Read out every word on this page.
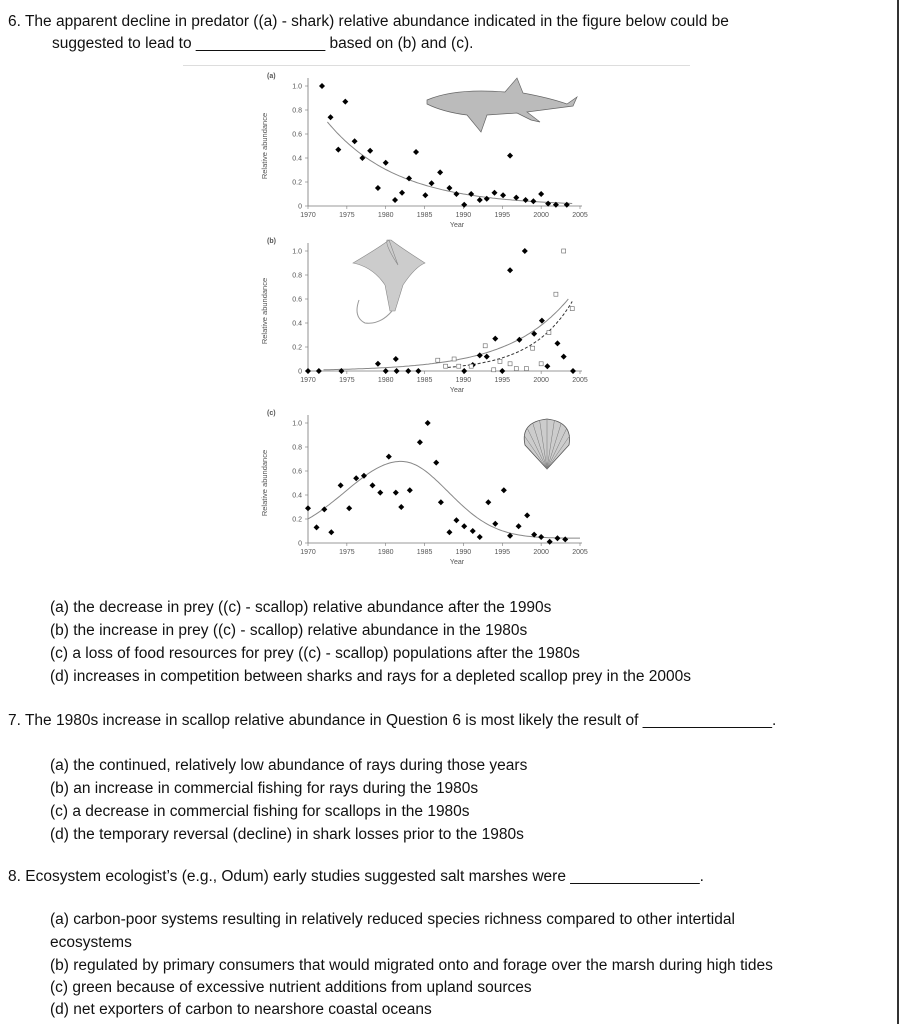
6. The apparent decline in predator ((a) - shark) relative abundance indicated in the figure below could be
suggested to lead to _______________ based on (b) and (c).
(a)
Relative abundance
1970	1975	1980	1985	1990	1995	2000	2005
0
0.2
0.4
0.6
0.8
1.0
Year
(b)
Relative abundance
1970	1975	1980	1985	1990	1995	2000	2005
0
0.2
0.4
0.6
0.8
1.0
Year
(c)
Relative abundance
1970	1975	1980	1985	1990	1995	2000	2005
0
0.2
0.4
0.6
0.8
1.0
Year
(a) the decrease in prey ((c) - scallop) relative abundance after the 1990s
(b) the increase in prey ((c) - scallop) relative abundance in the 1980s
(c) a loss of food resources for prey ((c) - scallop) populations after the 1980s
(d) increases in competition between sharks and rays for a depleted scallop prey in the 2000s
7. The 1980s increase in scallop relative abundance in Question 6 is most likely the result of _______________.
(a) the continued, relatively low abundance of rays during those years
(b) an increase in commercial fishing for rays during the 1980s
(c) a decrease in commercial fishing for scallops in the 1980s
(d) the temporary reversal (decline) in shark losses prior to the 1980s
8. Ecosystem ecologist’s (e.g., Odum) early studies suggested salt marshes were _______________.
(a) carbon-poor systems resulting in relatively reduced species richness compared to other intertidal
ecosystems
(b) regulated by primary consumers that would migrated onto and forage over the marsh during high tides
(c) green because of excessive nutrient additions from upland sources
(d) net exporters of carbon to nearshore coastal oceans
